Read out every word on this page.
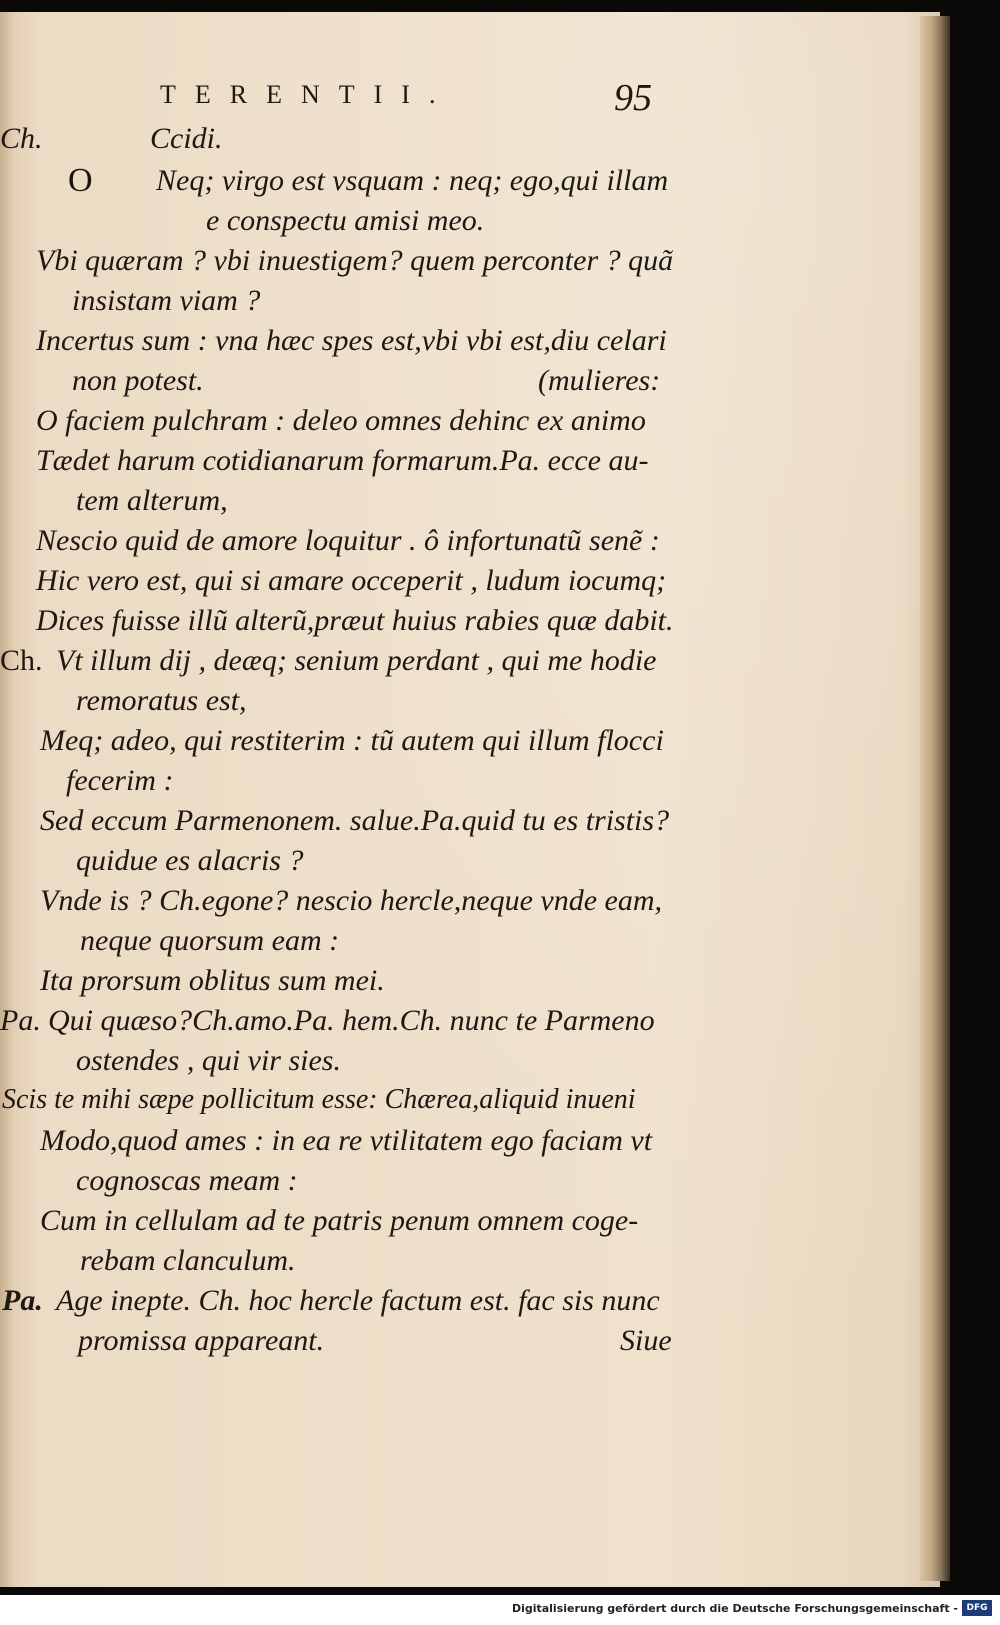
TERENTII.	95
O
Ch.	Ccidi.
Neq; virgo est vsquam : neq; ego,qui illam
e conspectu amisi meo.
Vbi quæram ? vbi inuestigem? quem perconter ? quã
insistam viam ?
Incertus sum : vna hæc spes est,vbi vbi est,diu celari
non potest.	(mulieres:
O faciem pulchram : deleo omnes dehinc ex animo
Tædet harum cotidianarum formarum.Pa. ecce au-
tem alterum,
Nescio quid de amore loquitur . ô infortunatũ senẽ :
Hic vero est, qui si amare occeperit , ludum iocumq;
Dices fuisse illũ alterũ,præut huius rabies quæ dabit.
Ch. Vt illum dij , deæq; senium perdant , qui me hodie
remoratus est,
Meq; adeo, qui restiterim : tũ autem qui illum flocci
fecerim :
Sed eccum Parmenonem. salue.Pa.quid tu es tristis?
quidue es alacris ?
Vnde is ? Ch.egone? nescio hercle,neque vnde eam,
neque quorsum eam :
Ita prorsum oblitus sum mei.
Pa. Qui quæso?Ch.amo.Pa. hem.Ch. nunc te Parmeno
ostendes , qui vir sies.
Scis te mihi sæpe pollicitum esse: Chærea,aliquid inueni
Modo,quod ames : in ea re vtilitatem ego faciam vt
cognoscas meam :
Cum in cellulam ad te patris penum omnem coge-
rebam clanculum.
Pa. Age inepte. Ch. hoc hercle factum est. fac sis nunc
promissa appareant.	Siue
Digitalisierung gefördert durch die Deutsche Forschungsgemeinschaft - DFG
